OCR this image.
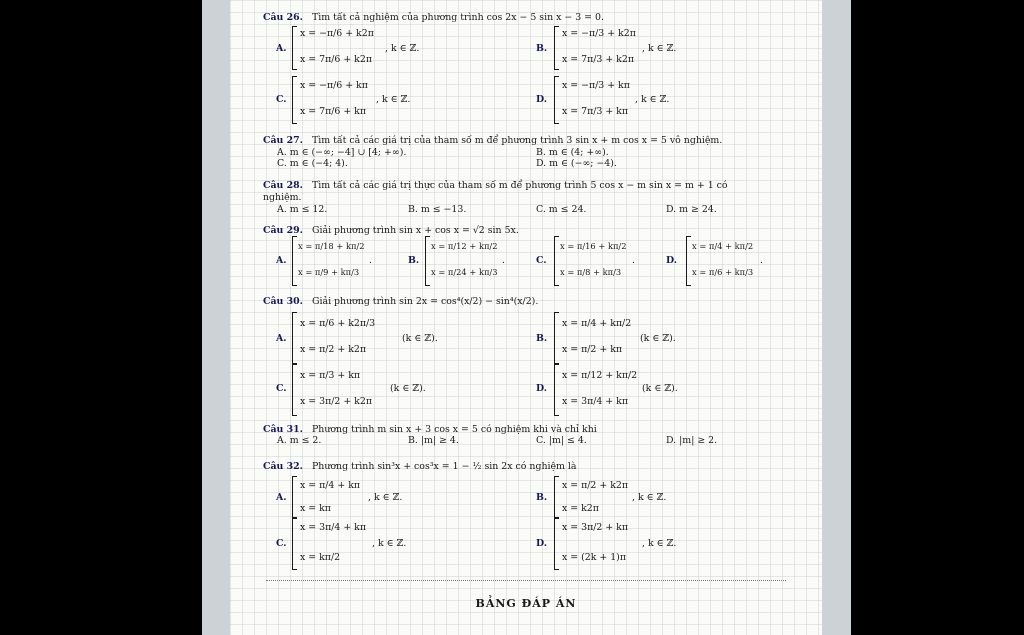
Câu 26. Tìm tất cả nghiệm của phương trình cos 2x − 5 sin x − 3 = 0.
A.
x = −π/6 + k2π
x = 7π/6 + k2π
, k ∈ ℤ.	B.
x = −π/3 + k2π
x = 7π/3 + k2π
, k ∈ ℤ.
C.
x = −π/6 + kπ
x = 7π/6 + kπ
, k ∈ ℤ.	D.
x = −π/3 + kπ
x = 7π/3 + kπ
, k ∈ ℤ.
Câu 27. Tìm tất cả các giá trị của tham số m để phương trình 3 sin x + m cos x = 5 vô nghiệm.
A. m ∈ (−∞; −4] ∪ [4; +∞).	B. m ∈ (4; +∞).
C. m ∈ (−4; 4).	D. m ∈ (−∞; −4).
Câu 28. Tìm tất cả các giá trị thực của tham số m để phương trình 5 cos x − m sin x = m + 1 có
nghiệm.
A. m ≤ 12.	B. m ≤ −13.	C. m ≤ 24.	D. m ≥ 24.
Câu 29. Giải phương trình sin x + cos x = √2 sin 5x.
A.
x = π/18 + kπ/2
x = π/9 + kπ/3
.	B.
x = π/12 + kπ/2
x = π/24 + kπ/3
.	C.
x = π/16 + kπ/2
x = π/8 + kπ/3
.	D.
x = π/4 + kπ/2
x = π/6 + kπ/3
.
Câu 30. Giải phương trình sin 2x = cos⁴(x/2) − sin⁴(x/2).
A.
x = π/6 + k2π/3
x = π/2 + k2π
(k ∈ ℤ).	B.
x = π/4 + kπ/2
x = π/2 + kπ
(k ∈ ℤ).
C.
x = π/3 + kπ
x = 3π/2 + k2π
(k ∈ ℤ).	D.
x = π/12 + kπ/2
x = 3π/4 + kπ
(k ∈ ℤ).
Câu 31. Phương trình m sin x + 3 cos x = 5 có nghiệm khi và chỉ khi
A. m ≤ 2.	B. |m| ≥ 4.	C. |m| ≤ 4.	D. |m| ≥ 2.
Câu 32. Phương trình sin³x + cos³x = 1 − ½ sin 2x có nghiệm là
A.
x = π/4 + kπ
x = kπ
, k ∈ ℤ.	B.
x = π/2 + k2π
x = k2π
, k ∈ ℤ.
C.
x = 3π/4 + kπ
x = kπ/2
, k ∈ ℤ.	D.
x = 3π/2 + kπ
x = (2k + 1)π
, k ∈ ℤ.
BẢNG ĐÁP ÁN
